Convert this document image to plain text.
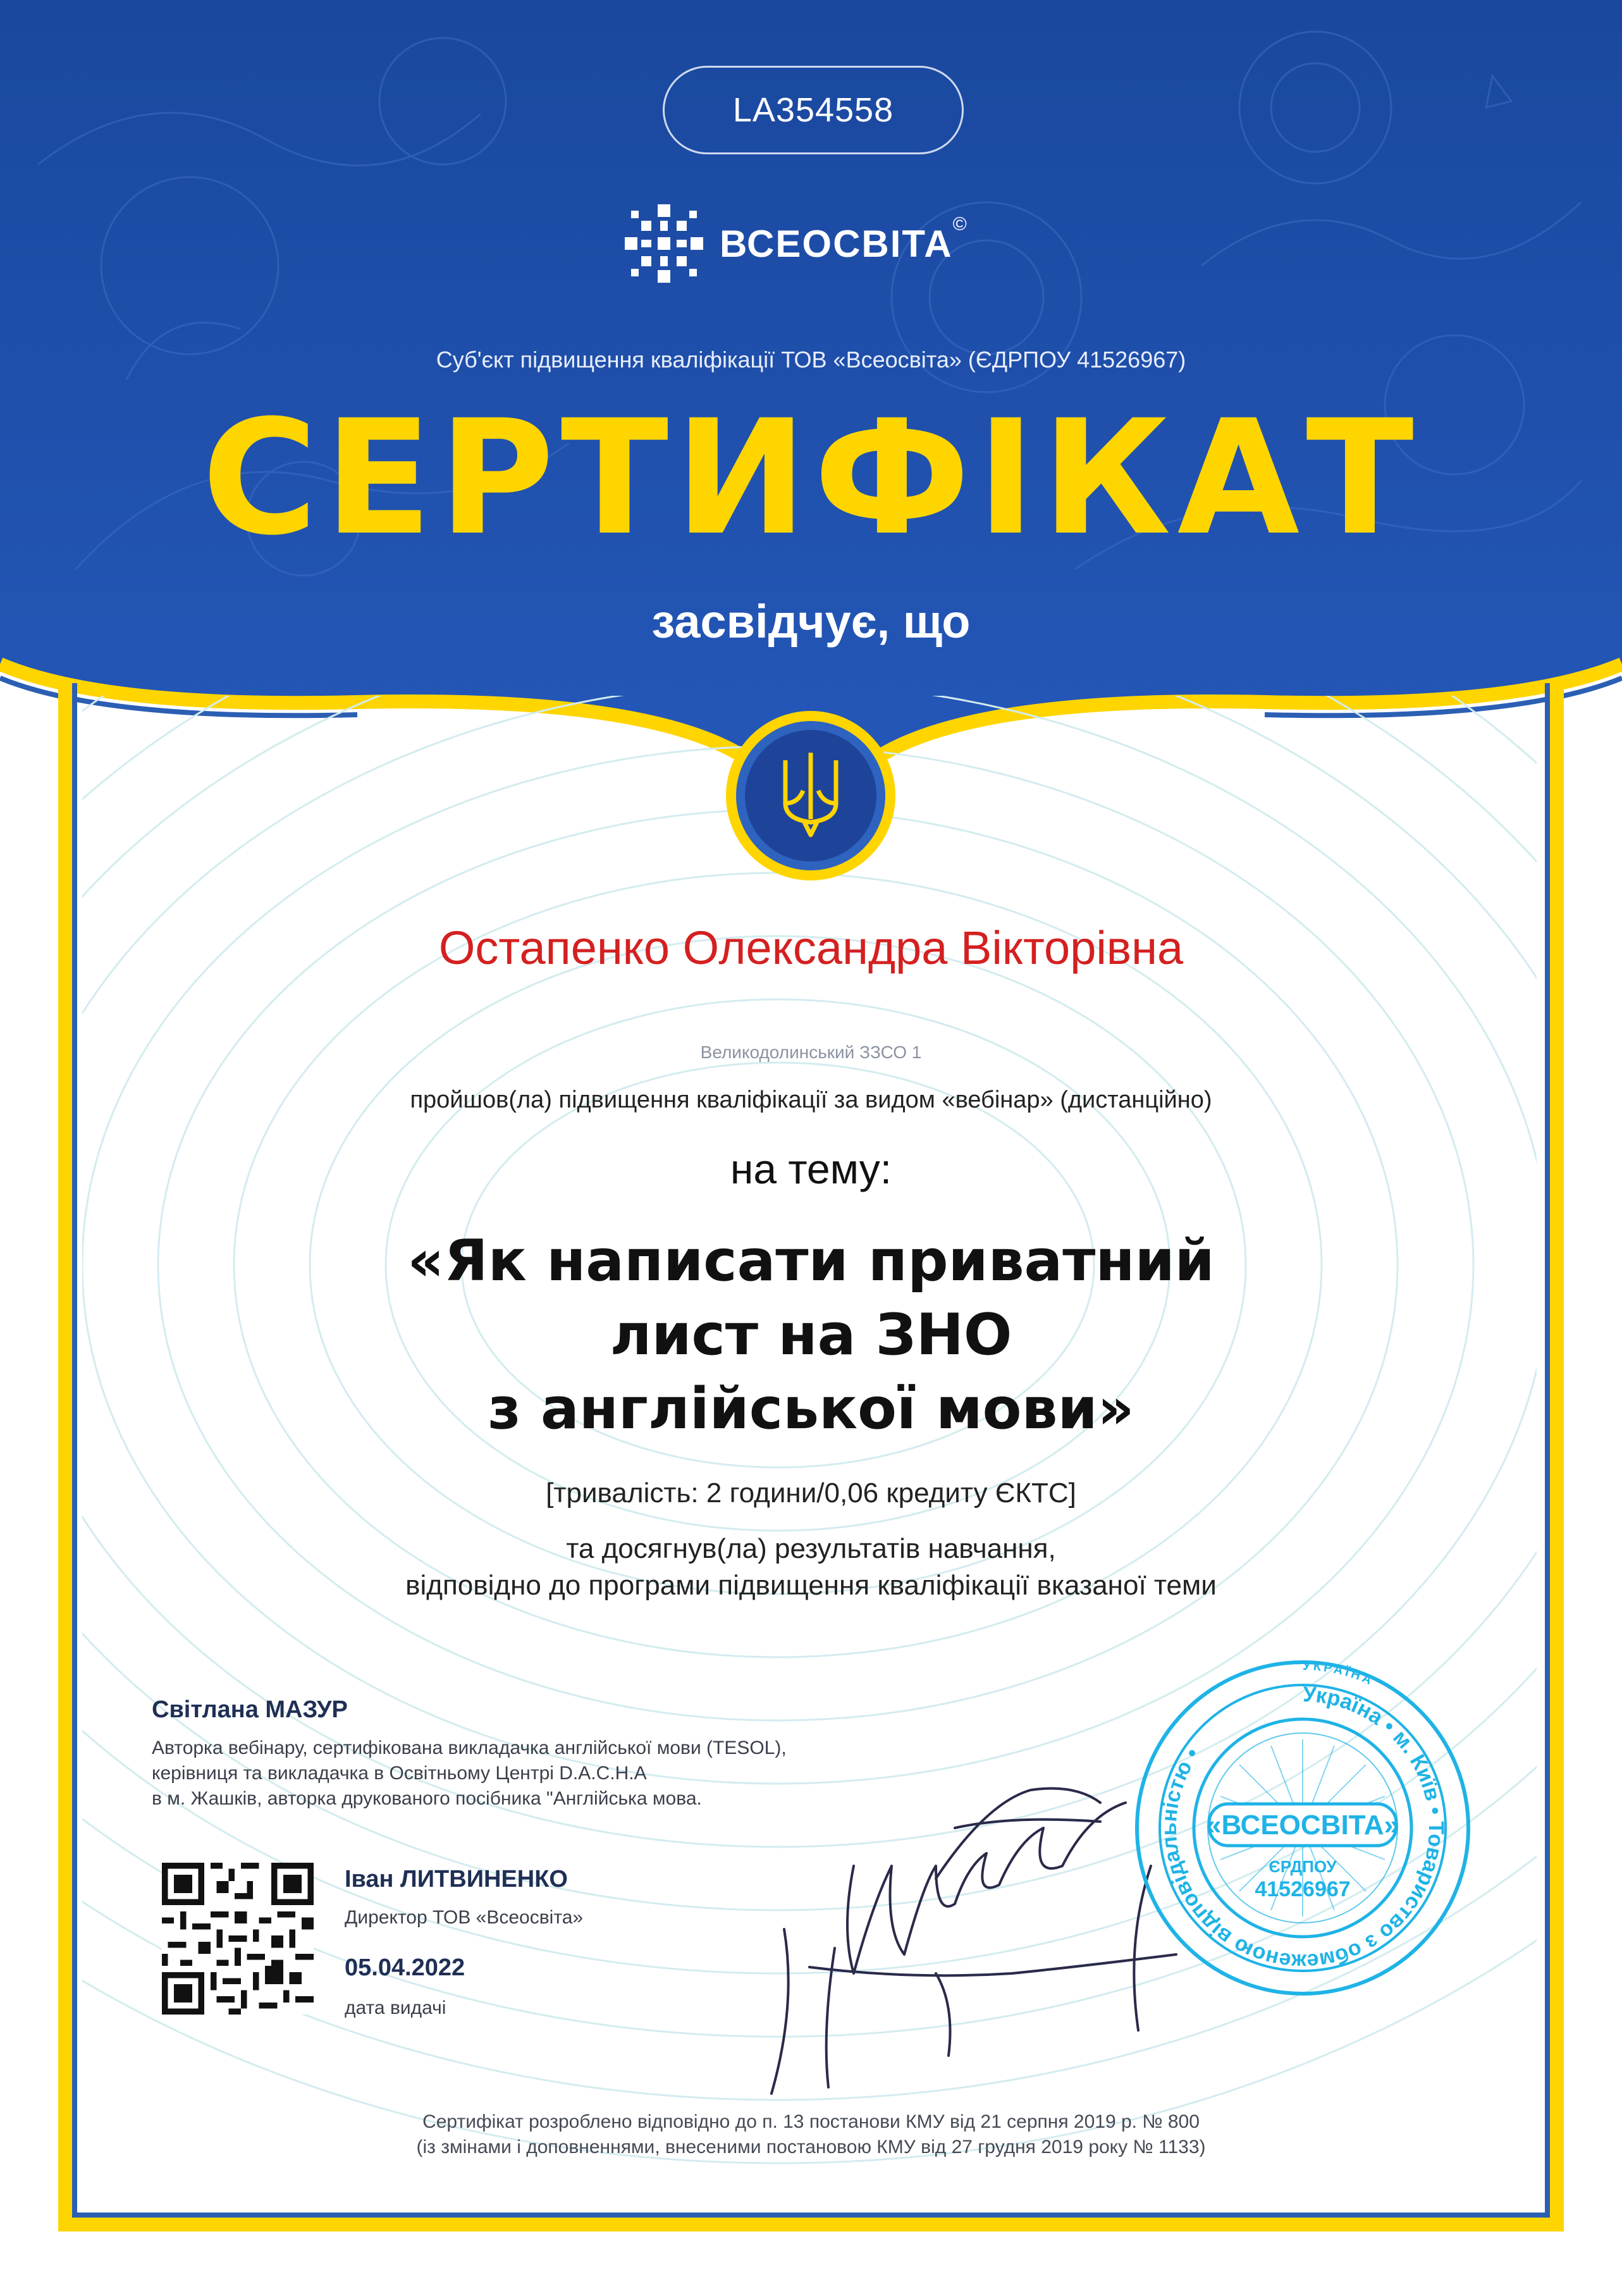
LA354558
ВСЕОСВІТА ©
Суб'єкт підвищення кваліфікації ТОВ «Всеосвіта» (ЄДРПОУ 41526967)
СЕРТИФІКАТ
засвідчує, що
Остапенко Олександра Вікторівна
Великодолинський ЗЗСО 1
пройшов(ла) підвищення кваліфікації за видом «вебінар» (дистанційно)
на тему:
«Як написати приватний
лист на ЗНО
з англійської мови»
[тривалість: 2 години/0,06 кредиту ЄКТС]
та досягнув(ла) результатів навчання,
відповідно до програми підвищення кваліфікації вказаної теми
Світлана МАЗУР
Авторка вебінару, сертифікована викладачка англійської мови (TESOL),
керівниця та викладачка в Освітньому Центрі D.A.C.H.A
в м. Жашків, авторка друкованого посібника "Англійська мова.
Іван ЛИТВИНЕНКО
Директор ТОВ «Всеосвіта»
05.04.2022
дата видачі
Україна • м. Київ • Товариство з обмеженою відповідальністю •
УКРАЇНА
«ВСЕОСВІТА»
ЄРДПОУ
41526967
Сертифікат розроблено відповідно до п. 13 постанови КМУ від 21 серпня 2019 р. № 800
(із змінами і доповненнями, внесеними постановою КМУ від 27 грудня 2019 року № 1133)
